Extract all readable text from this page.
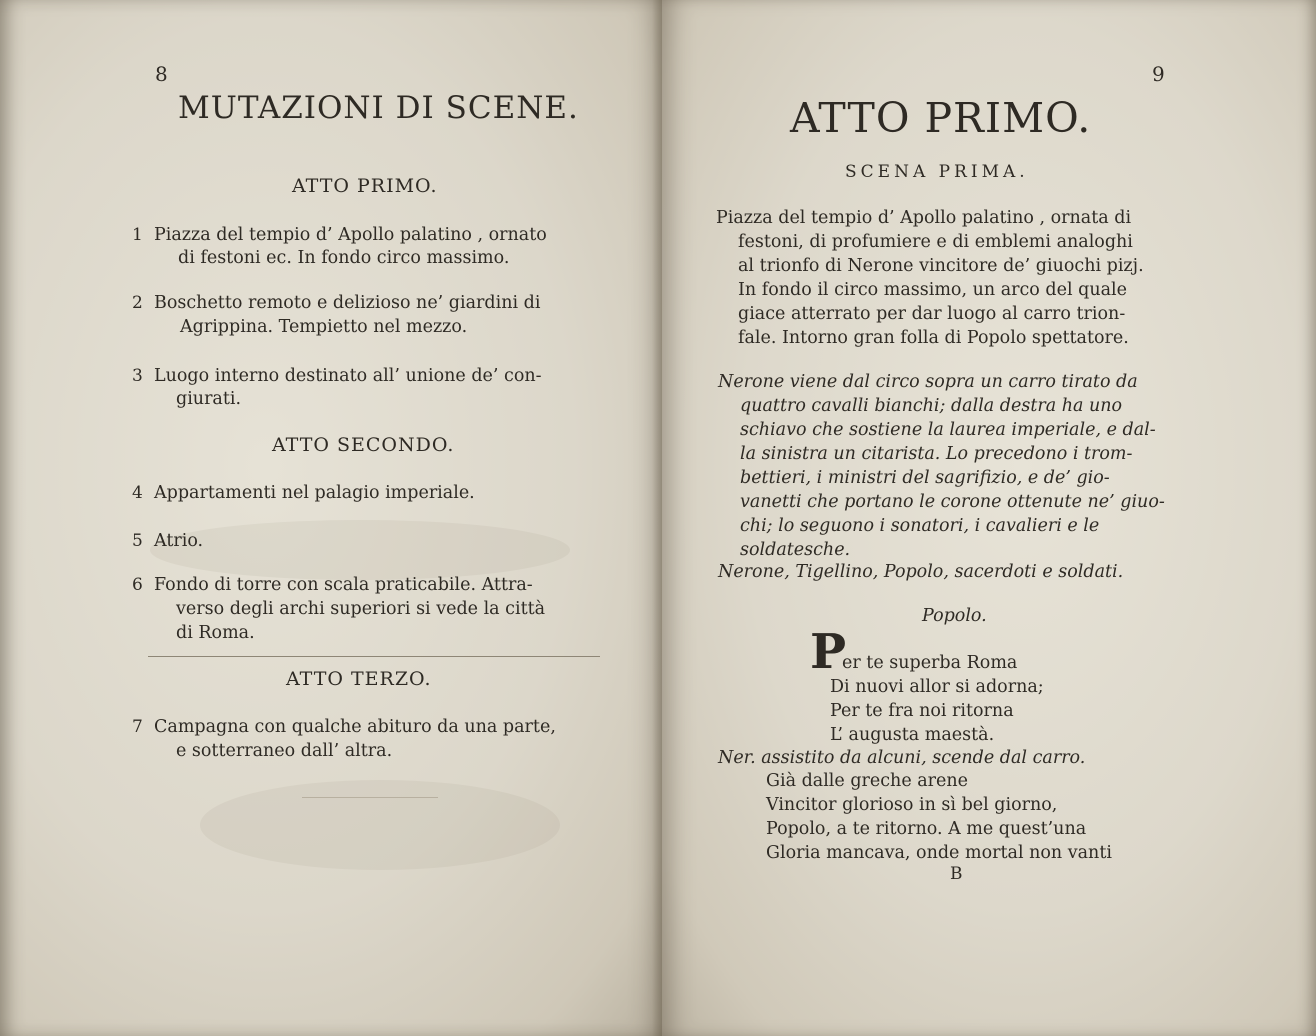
8
MUTAZIONI DI SCENE.
ATTO PRIMO.
1 Piazza del tempio d’ Apollo palatino , ornato
di festoni ec. In fondo circo massimo.
2 Boschetto remoto e delizioso ne’ giardini di
Agrippina. Tempietto nel mezzo.
3 Luogo interno destinato all’ unione de’ con-
giurati.
ATTO SECONDO.
4 Appartamenti nel palagio imperiale.
5 Atrio.
6 Fondo di torre con scala praticabile. Attra-
verso degli archi superiori si vede la città
di Roma.
ATTO TERZO.
7 Campagna con qualche abituro da una parte,
e sotterraneo dall’ altra.
9
ATTO PRIMO.
SCENA PRIMA.
Piazza del tempio d’ Apollo palatino , ornata di
festoni, di profumiere e di emblemi analoghi
al trionfo di Nerone vincitore de’ giuochi pizj.
In fondo il circo massimo, un arco del quale
giace atterrato per dar luogo al carro trion-
fale. Intorno gran folla di Popolo spettatore.
Nerone viene dal circo sopra un carro tirato da
quattro cavalli bianchi; dalla destra ha uno
schiavo che sostiene la laurea imperiale, e dal-
la sinistra un citarista. Lo precedono i trom-
bettieri, i ministri del sagrifizio, e de’ gio-
vanetti che portano le corone ottenute ne’ giuo-
chi; lo seguono i sonatori, i cavalieri e le
soldatesche.
Nerone, Tigellino, Popolo, sacerdoti e soldati.
Popolo.
P
er te superba Roma
Di nuovi allor si adorna;
Per te fra noi ritorna
L’ augusta maestà.
Ner. assistito da alcuni, scende dal carro.
Già dalle greche arene
Vincitor glorioso in sì bel giorno,
Popolo, a te ritorno. A me quest’una
Gloria mancava, onde mortal non vanti
B
